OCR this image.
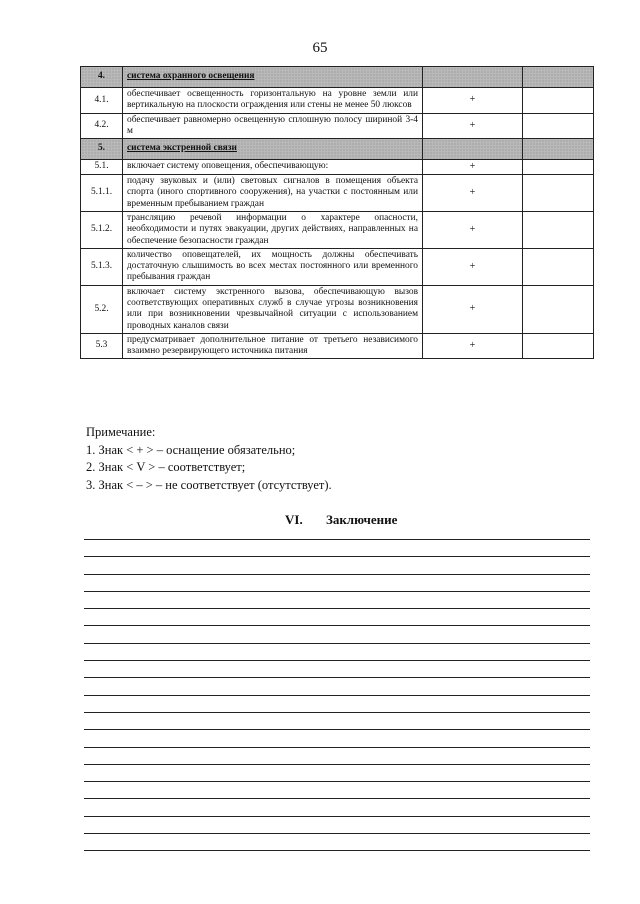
65
4.	система охранного освещения		
4.1.	обеспечивает освещенность горизонтальную на уровне земли или вертикальную на плоскости ограждения или стены не менее 50 люксов	+	
4.2.	обеспечивает равномерно освещенную сплошную полосу шириной 3-4 м	+	
5.	система экстренной связи		
5.1.	включает систему оповещения, обеспечивающую:	+	
5.1.1.	подачу звуковых и (или) световых сигналов в помещения объекта спорта (иного спортивного сооружения), на участки с постоянным или временным пребыванием граждан	+	
5.1.2.	трансляцию речевой информации о характере опасности, необходимости и путях эвакуации, других действиях, направленных на обеспечение безопасности граждан	+	
5.1.3.	количество оповещателей, их мощность должны обеспечивать достаточную слышимость во всех местах постоянного или временного пребывания граждан	+	
5.2.	включает систему экстренного вызова, обеспечивающую вызов соответствующих оперативных служб в случае угрозы возникновения или при возникновении чрезвычайной ситуации с использованием проводных каналов связи	+	
5.3	предусматривает дополнительное питание от третьего независимого взаимно резервирующего источника питания	+	
Примечание:
1. Знак < + > – оснащение обязательно;
2. Знак < V > – соответствует;
3. Знак < – > – не соответствует (отсутствует).
VI. Заключение
